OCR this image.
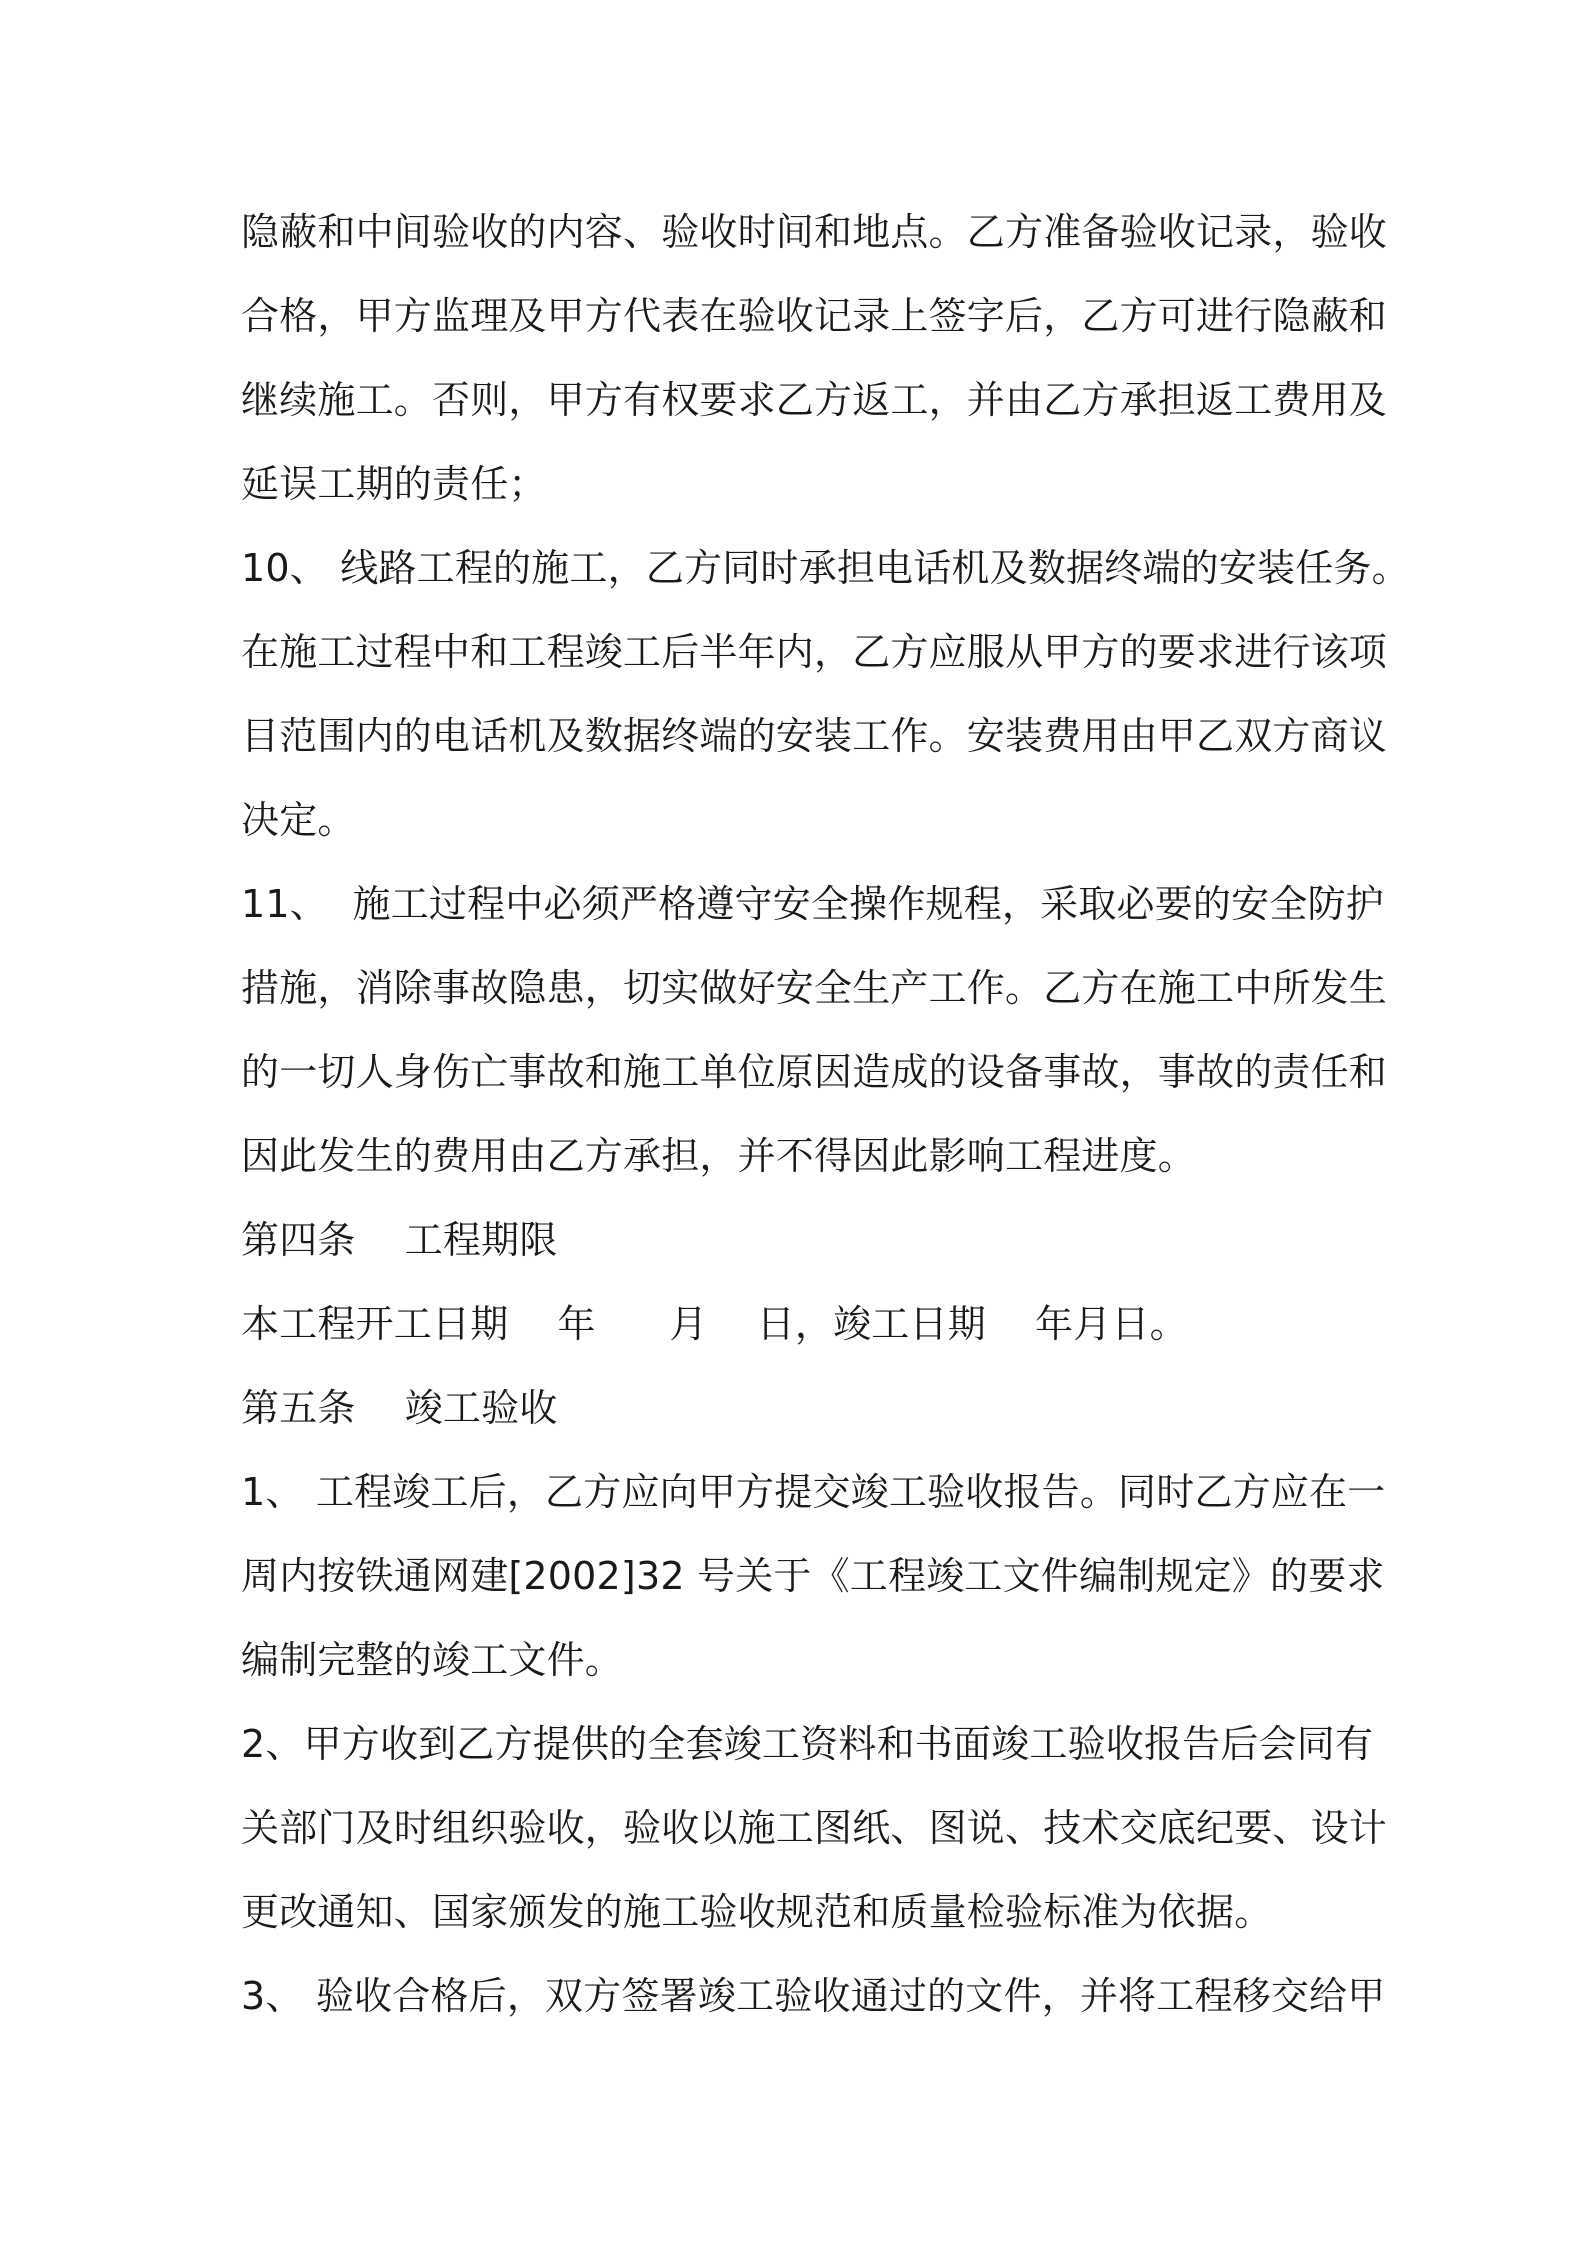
隐蔽和中间验收的内容、验收时间和地点。乙方准备验收记录，验收
合格，甲方监理及甲方代表在验收记录上签字后，乙方可进行隐蔽和
继续施工。否则，甲方有权要求乙方返工，并由乙方承担返工费用及
延误工期的责任；
10、 线路工程的施工，乙方同时承担电话机及数据终端的安装任务。
在施工过程中和工程竣工后半年内，乙方应服从甲方的要求进行该项
目范围内的电话机及数据终端的安装工作。安装费用由甲乙双方商议
决定。
11、  施工过程中必须严格遵守安全操作规程，采取必要的安全防护
措施，消除事故隐患，切实做好安全生产工作。乙方在施工中所发生
的一切人身伤亡事故和施工单位原因造成的设备事故，事故的责任和
因此发生的费用由乙方承担，并不得因此影响工程进度。
第四条    工程期限
本工程开工日期    年      月    日，竣工日期    年月日。
第五条    竣工验收
1、 工程竣工后，乙方应向甲方提交竣工验收报告。同时乙方应在一
周内按铁通网建[2002]32 号关于《工程竣工文件编制规定》的要求
编制完整的竣工文件。
2、甲方收到乙方提供的全套竣工资料和书面竣工验收报告后会同有
关部门及时组织验收，验收以施工图纸、图说、技术交底纪要、设计
更改通知、国家颁发的施工验收规范和质量检验标准为依据。
3、 验收合格后，双方签署竣工验收通过的文件，并将工程移交给甲
